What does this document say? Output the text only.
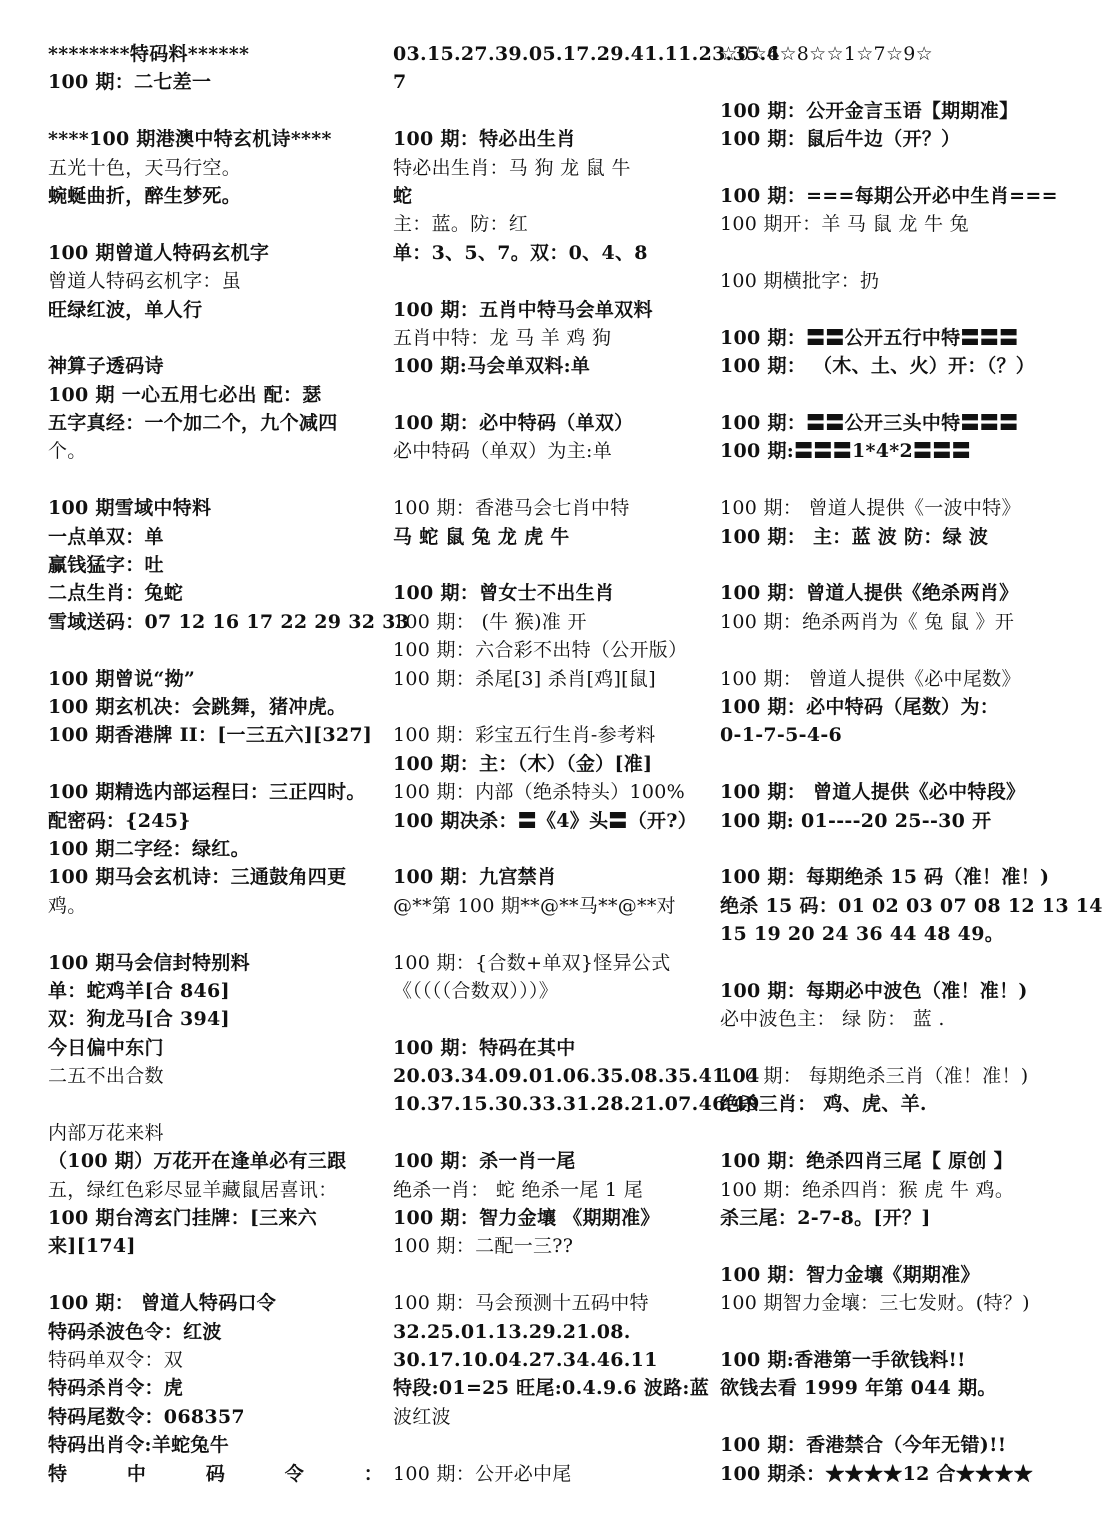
********特码料******
100 期：二七差一
****100 期港澳中特玄机诗****
五光十色，天马行空。
蜿蜒曲折，醉生梦死。
100 期曾道人特码玄机字
曾道人特码玄机字：虽
旺绿红波，单人行
神算子透码诗
100 期 一心五用七必出 配：瑟
五字真经：一个加二个，九个减四
个。
100 期雪域中特料
一点单双：单
赢钱猛字：吐
二点生肖：兔蛇
雪域送码：07 12 16 17 22 29 32 33
100 期曾说“拗”
100 期玄机决：会跳舞，猪冲虎。
100 期香港牌 II：[一三五六][327]
100 期精选内部运程曰：三正四时。
配密码：{245}
100 期二字经：绿红。
100 期马会玄机诗：三通鼓角四更
鸡。
100 期马会信封特别料
单：蛇鸡羊[合 846]
双：狗龙马[合 394]
今日偏中东门
二五不出合数
内部万花来料
（100 期）万花开在逢单必有三跟
五，绿红色彩尽显羊藏鼠居喜讯：
100 期台湾玄门挂牌：[三来六
来][174]
100 期： 曾道人特码口令
特码杀波色令：红波
特码单双令：双
特码杀肖令：虎
特码尾数令：068357
特码出肖令:羊蛇兔牛
特	中	码	令	：
03.15.27.39.05.17.29.41.11.23.35.4
7
100 期：特必出生肖
特必出生肖：马 狗 龙 鼠 牛
蛇
主：蓝。防：红
单：3、5、7。双：0、4、8
100 期：五肖中特马会单双料
五肖中特：龙 马 羊 鸡 狗
100 期:马会单双料:单
100 期：必中特码（单双）
必中特码（单双）为主:单
100 期：香港马会七肖中特
马 蛇 鼠 兔 龙 虎 牛
100 期：曾女士不出生肖
100 期： (牛 猴)准 开
100 期：六合彩不出特（公开版）
100 期：杀尾[3] 杀肖[鸡][鼠]
100 期：彩宝五行生肖-参考料
100 期：主：（木）（金）[准]
100 期：内部（绝杀特头）100%
100 期决杀：〓《4》头〓（开?）
100 期：九宫禁肖
@**第 100 期**@**马**@**对
100 期：{合数+单双}怪异公式
《（（（（合数双）））》
100 期：特码在其中
20.03.34.09.01.06.35.08.35.41.04
10.37.15.30.33.31.28.21.07.46.49
100 期：杀一肖一尾
绝杀一肖： 蛇 绝杀一尾 1 尾
100 期：智力金壤 《期期准》
100 期：二配一三??
100 期：马会预测十五码中特
32.25.01.13.29.21.08.
30.17.10.04.27.34.46.11
特段:01=25 旺尾:0.4.9.6 波路:蓝
波红波
100 期：公开必中尾
☆0☆6☆8☆☆1☆7☆9☆
100 期：公开金言玉语【期期准】
100 期：鼠后牛边（开？）
100 期：===每期公开必中生肖===
100 期开：羊 马 鼠 龙 牛 兔
100 期横批字：扔
100 期：〓〓公开五行中特〓〓〓
100 期： （木、土、火）开：（？）
100 期：〓〓公开三头中特〓〓〓
100 期:〓〓〓1*4*2〓〓〓
100 期： 曾道人提供《一波中特》
100 期： 主：蓝 波 防：绿 波
100 期：曾道人提供《绝杀两肖》
100 期：绝杀两肖为《 兔 鼠 》开
100 期： 曾道人提供《必中尾数》
100 期：必中特码（尾数）为：
0-1-7-5-4-6
100 期： 曾道人提供《必中特段》
100 期: 01----20 25--30 开
100 期：每期绝杀 15 码（准！准！)
绝杀 15 码：01 02 03 07 08 12 13 14
15 19 20 24 36 44 48 49。
100 期：每期必中波色（准！准！)
必中波色主： 绿 防： 蓝 .
100 期： 每期绝杀三肖（准！准！)
绝杀三肖： 鸡、虎、羊.
100 期：绝杀四肖三尾【 原创 】
100 期：绝杀四肖：猴 虎 牛 鸡。
杀三尾：2-7-8。[开？]
100 期：智力金壤《期期准》
100 期智力金壤：三七发财。(特？)
100 期:香港第一手欲钱料!!
欲钱去看 1999 年第 044 期。
100 期：香港禁合（今年无错)!!
100 期杀：★★★★12 合★★★★
